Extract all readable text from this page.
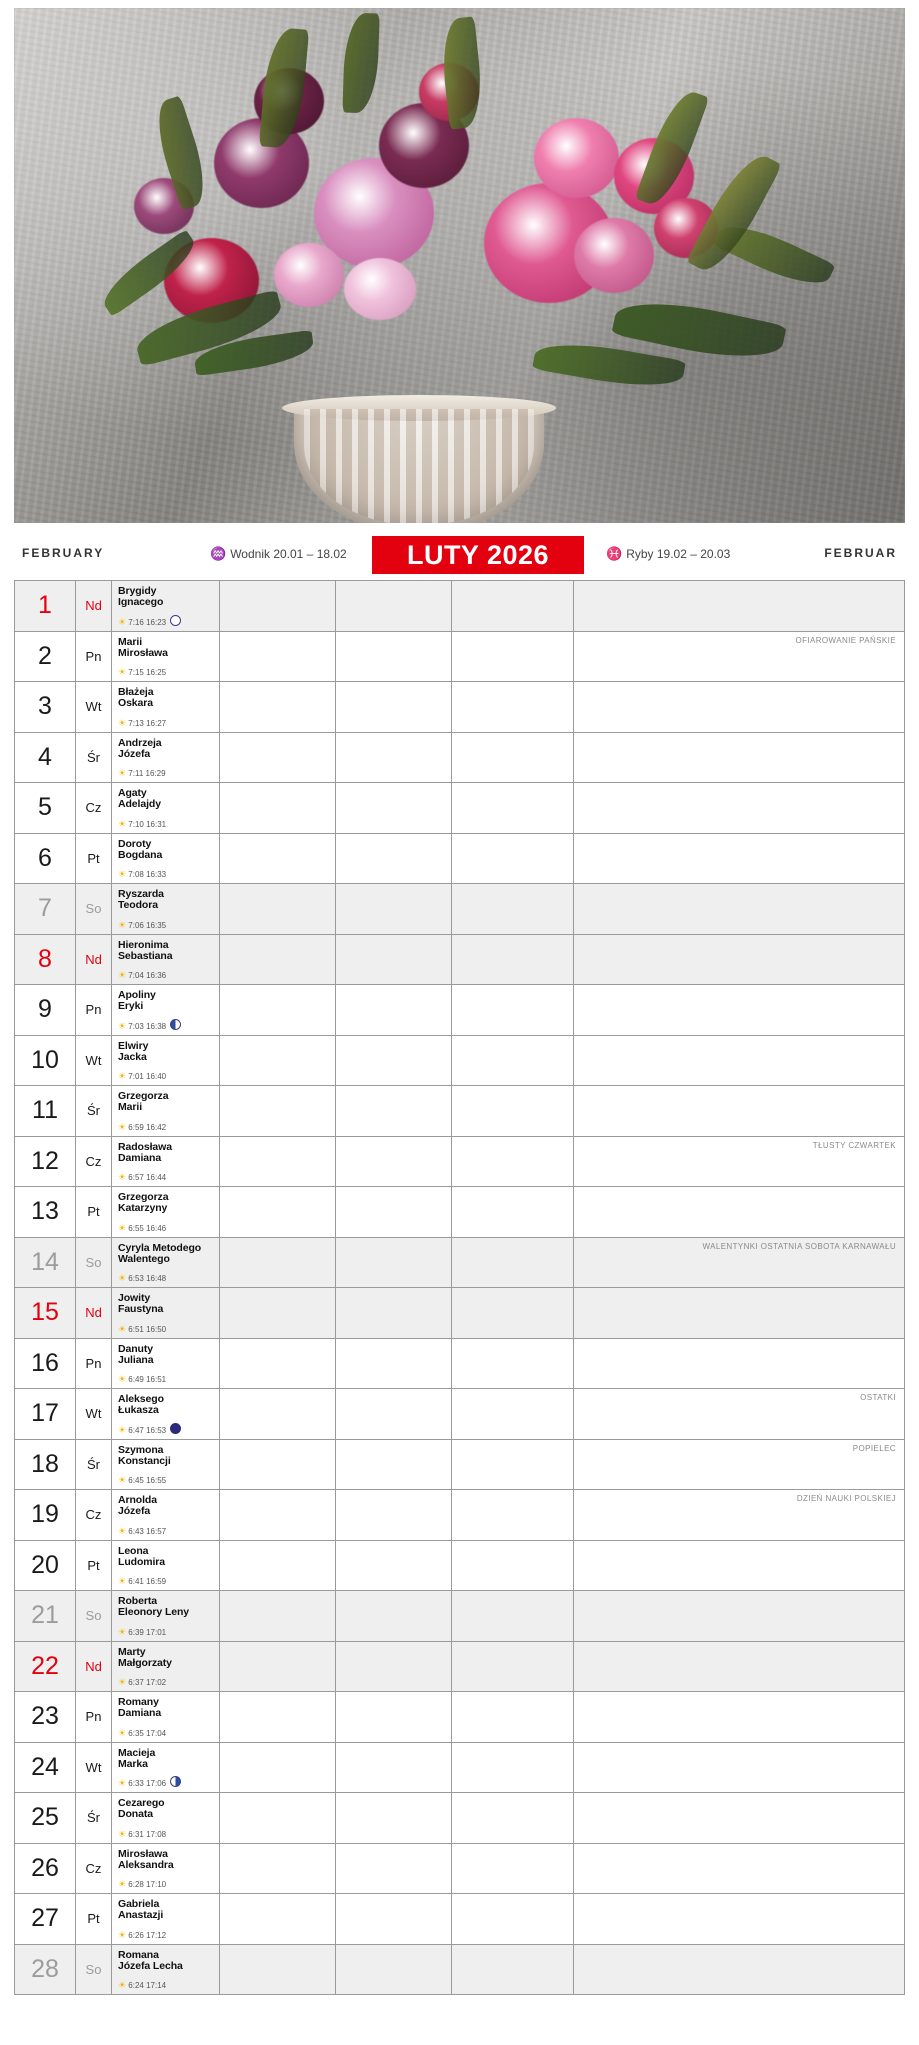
FEBRUARY	♒ Wodnik 20.01 – 18.02	LUTY 2026	♓ Ryby 19.02 – 20.03	FEBRUAR
1	Nd
Brygidy
Ignacego
☀ 7:16 16:23
2	Pn
Marii
Mirosława
☀ 7:15 16:25
OFIAROWANIE PAŃSKIE
3	Wt
Błażeja
Oskara
☀ 7:13 16:27
4	Śr
Andrzeja
Józefa
☀ 7:11 16:29
5	Cz
Agaty
Adelajdy
☀ 7:10 16:31
6	Pt
Doroty
Bogdana
☀ 7:08 16:33
7	So
Ryszarda
Teodora
☀ 7:06 16:35
8	Nd
Hieronima
Sebastiana
☀ 7:04 16:36
9	Pn
Apoliny
Eryki
☀ 7:03 16:38
10 Wt
Elwiry
Jacka
☀ 7:01 16:40
11 Śr
Grzegorza
Marii
☀ 6:59 16:42
12 Cz
Radosława
Damiana
☀ 6:57 16:44
TŁUSTY CZWARTEK
13 Pt
Grzegorza
Katarzyny
☀ 6:55 16:46
14 So
Cyryla Metodego
Walentego
☀ 6:53 16:48
WALENTYNKI OSTATNIA SOBOTA KARNAWAŁU
15 Nd
Jowity
Faustyna
☀ 6:51 16:50
16 Pn
Danuty
Juliana
☀ 6:49 16:51
17 Wt
Aleksego
Łukasza
☀ 6:47 16:53
OSTATKI
18 Śr
Szymona
Konstancji
☀ 6:45 16:55
POPIELEC
19 Cz
Arnolda
Józefa
☀ 6:43 16:57
DZIEŃ NAUKI POLSKIEJ
20 Pt
Leona
Ludomira
☀ 6:41 16:59
21 So
Roberta
Eleonory Leny
☀ 6:39 17:01
22 Nd
Marty
Małgorzaty
☀ 6:37 17:02
23 Pn
Romany
Damiana
☀ 6:35 17:04
24 Wt
Macieja
Marka
☀ 6:33 17:06
25 Śr
Cezarego
Donata
☀ 6:31 17:08
26 Cz
Mirosława
Aleksandra
☀ 6:28 17:10
27 Pt
Gabriela
Anastazji
☀ 6:26 17:12
28 So
Romana
Józefa Lecha
☀ 6:24 17:14
